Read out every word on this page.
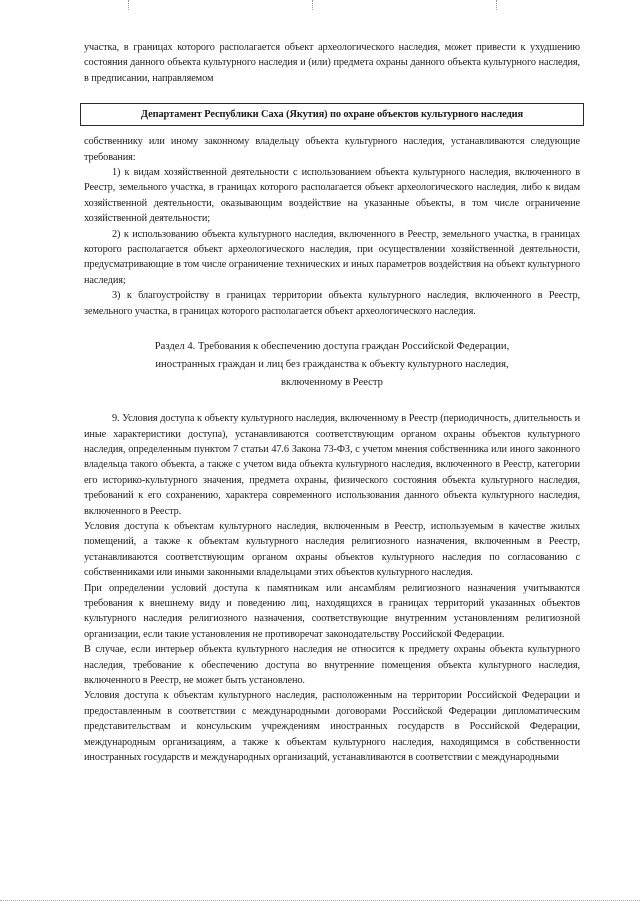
участка, в границах которого располагается объект археологического наследия, может привести к ухудшению состояния данного объекта культурного наследия и (или) предмета охраны данного объекта культурного наследия, в предписании, направляемом

Департамент Республики Саха (Якутия) по охране объектов культурного наследия

собственнику или иному законному владельцу объекта культурного наследия, устанавливаются следующие требования:

1) к видам хозяйственной деятельности с использованием объекта культурного наследия, включенного в Реестр, земельного участка, в границах которого располагается объект археологического наследия, либо к видам хозяйственной деятельности, оказывающим воздействие на указанные объекты, в том числе ограничение хозяйственной деятельности;

2) к использованию объекта культурного наследия, включенного в Реестр, земельного участка, в границах которого располагается объект археологического наследия, при осуществлении хозяйственной деятельности, предусматривающие в том числе ограничение технических и иных параметров воздействия на объект культурного наследия;

3) к благоустройству в границах территории объекта культурного наследия, включенного в Реестр, земельного участка, в границах которого располагается объект археологического наследия.

Раздел 4. Требования к обеспечению доступа граждан Российской Федерации,
иностранных граждан и лиц без гражданства к объекту культурного наследия,
включенному в Реестр

9. Условия доступа к объекту культурного наследия, включенному в Реестр (периодичность, длительность и иные характеристики доступа), устанавливаются соответствующим органом охраны объектов культурного наследия, определенным пунктом 7 статьи 47.6 Закона 73-ФЗ, с учетом мнения собственника или иного законного владельца такого объекта, а также с учетом вида объекта культурного наследия, включенного в Реестр, категории его историко-культурного значения, предмета охраны, физического состояния объекта культурного наследия, требований к его сохранению, характера современного использования данного объекта культурного наследия, включенного в Реестр.

Условия доступа к объектам культурного наследия, включенным в Реестр, используемым в качестве жилых помещений, а также к объектам культурного наследия религиозного назначения, включенным в Реестр, устанавливаются соответствующим органом охраны объектов культурного наследия по согласованию с собственниками или иными законными владельцами этих объектов культурного наследия.

При определении условий доступа к памятникам или ансамблям религиозного назначения учитываются требования к внешнему виду и поведению лиц, находящихся в границах территорий указанных объектов культурного наследия религиозного назначения, соответствующие внутренним установлениям религиозной организации, если такие установления не противоречат законодательству Российской Федерации.

В случае, если интерьер объекта культурного наследия не относится к предмету охраны объекта культурного наследия, требование к обеспечению доступа во внутренние помещения объекта культурного наследия, включенного в Реестр, не может быть установлено.

Условия доступа к объектам культурного наследия, расположенным на территории Российской Федерации и предоставленным в соответствии с международными договорами Российской Федерации дипломатическим представительствам и консульским учреждениям иностранных государств в Российской Федерации, международным организациям, а также к объектам культурного наследия, находящимся в собственности иностранных государств и международных организаций, устанавливаются в соответствии с международными
